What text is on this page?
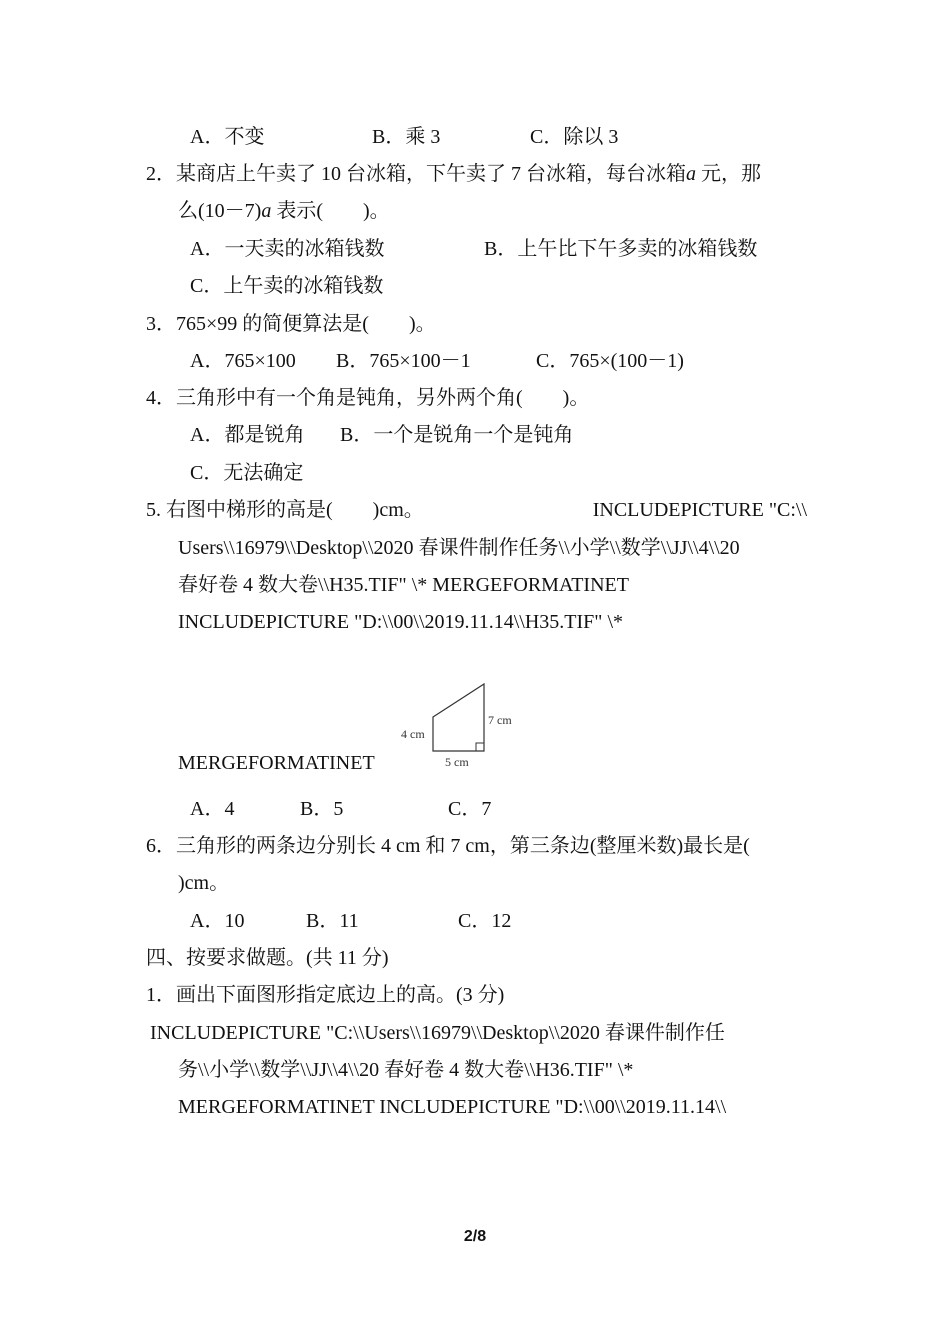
A．不变	B．乘 3	C．除以 3
2．某商店上午卖了 10 台冰箱，下午卖了 7 台冰箱，每台冰箱a 元，那
么(10－7)a 表示(　　)。
A．一天卖的冰箱钱数	B．上午比下午多卖的冰箱钱数
C．上午卖的冰箱钱数
3．765×99 的简便算法是(　　)。
A．765×100 B．765×100－1	C．765×(100－1)
4．三角形中有一个角是钝角，另外两个角(　　)。
A．都是锐角 B．一个是锐角一个是钝角
C．无法确定
5. 右图中梯形的高是(　　)cm。	INCLUDEPICTURE "C:\\
Users\\16979\\Desktop\\2020 春课件制作任务\\小学\\数学\\JJ\\4\\20
春好卷 4 数大卷\\H35.TIF" \* MERGEFORMATINET
INCLUDEPICTURE "D:\\00\\2019.11.14\\H35.TIF" \*
MERGEFORMATINET
4 cm
7 cm
5 cm
A．4	B．5	C．7
6．三角形的两条边分别长 4 cm 和 7 cm，第三条边(整厘米数)最长是(
)cm。
A．10	B．11	C．12
四、按要求做题。(共 11 分)
1．画出下面图形指定底边上的高。(3 分)
INCLUDEPICTURE "C:\\Users\\16979\\Desktop\\2020 春课件制作任
务\\小学\\数学\\JJ\\4\\20 春好卷 4 数大卷\\H36.TIF" \*
MERGEFORMATINET INCLUDEPICTURE "D:\\00\\2019.11.14\\
2/8
